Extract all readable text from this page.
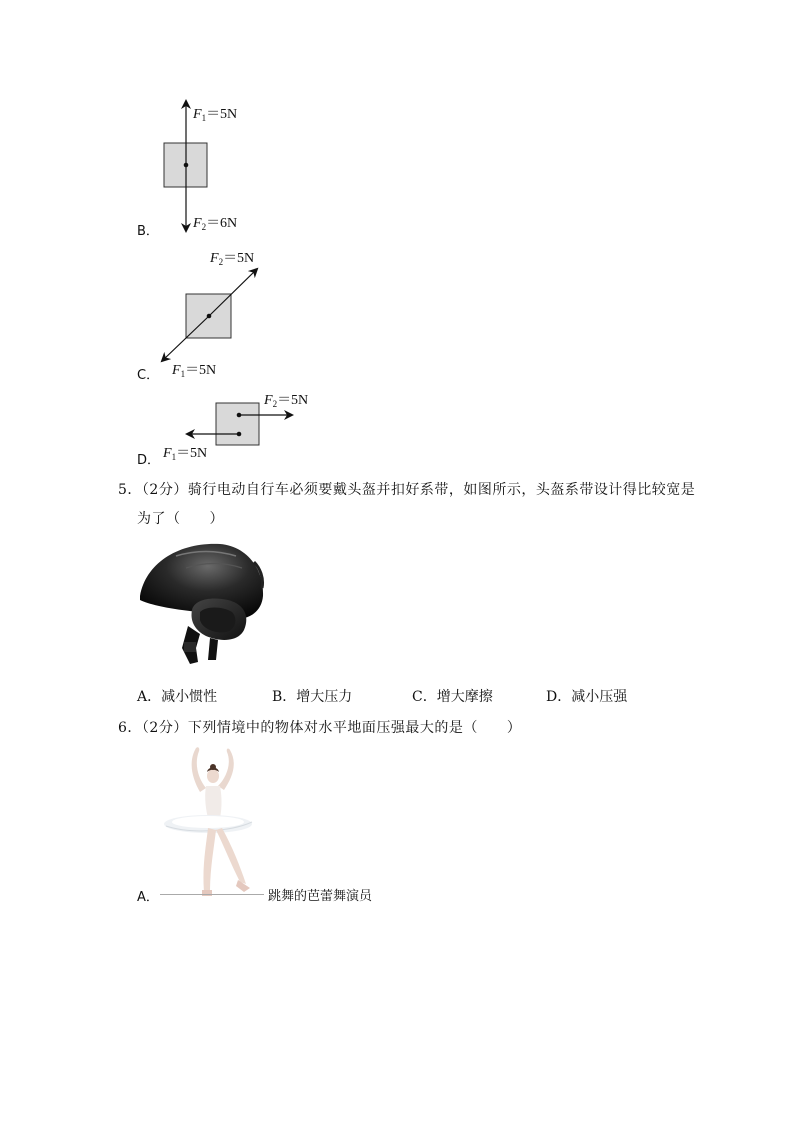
$F_1=5N$
$F_2=6N$
B．
$F_2=5N$
$F_1=5N$
C．
$F_2=5N$
$F_1=5N$
D．
5．（2分）骑行电动自行车必须要戴头盔并扣好系带，如图所示，头盔系带设计得比较宽是
为了（　　）
A．减小惯性	B．增大压力	C．增大摩擦	D．减小压强
6．（2分）下列情境中的物体对水平地面压强最大的是（　　）
A．	跳舞的芭蕾舞演员
